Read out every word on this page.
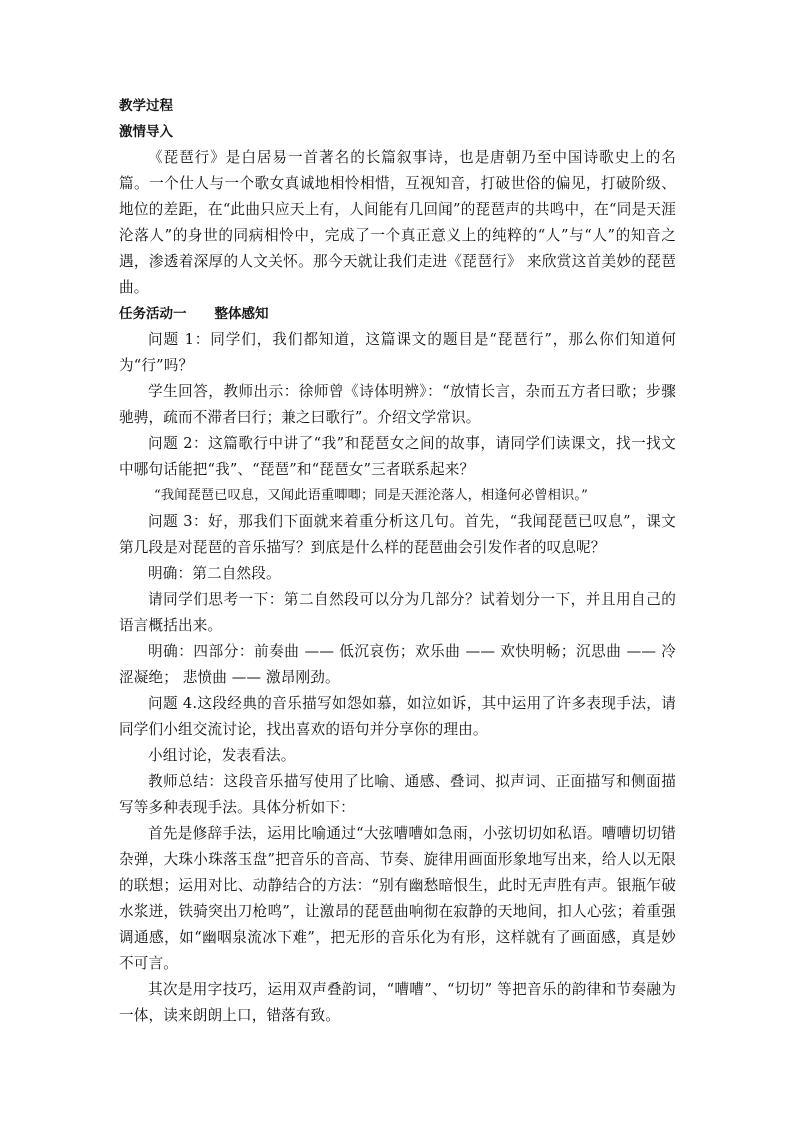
教学过程
激情导入

《琵琶行》是白居易一首著名的长篇叙事诗，也是唐朝乃至中国诗歌史上的名篇。一个仕人与一个歌女真诚地相怜相惜，互视知音，打破世俗的偏见，打破阶级、地位的差距，在“此曲只应天上有，人间能有几回闻”的琵琶声的共鸣中，在“同是天涯沦落人”的身世的同病相怜中，完成了一个真正意义上的纯粹的“人”与“人”的知音之遇，渗透着深厚的人文关怀。那今天就让我们走进《琵琶行》 来欣赏这首美妙的琵琶曲。

任务活动一 整体感知

问题 1：同学们，我们都知道，这篇课文的题目是“琵琶行”，那么你们知道何为“行”吗？

学生回答，教师出示：徐师曾《诗体明辨》：“放情长言，杂而五方者曰歌；步骤驰骋，疏而不滞者曰行；兼之曰歌行”。介绍文学常识。

问题 2：这篇歌行中讲了“我”和琵琶女之间的故事，请同学们读课文，找一找文中哪句话能把“我”、“琵琶”和“琵琶女”三者联系起来？

“我闻琵琶已叹息，又闻此语重唧唧；同是天涯沦落人，相逢何必曾相识。”

问题 3：好，那我们下面就来着重分析这几句。首先，“我闻琵琶已叹息”，课文第几段是对琵琶的音乐描写？到底是什么样的琵琶曲会引发作者的叹息呢？

明确：第二自然段。

请同学们思考一下：第二自然段可以分为几部分？试着划分一下，并且用自己的语言概括出来。

明确：四部分：前奏曲 —— 低沉哀伤；欢乐曲 —— 欢快明畅；沉思曲 —— 冷涩凝绝； 悲愤曲 —— 激昂刚劲。

问题 4.这段经典的音乐描写如怨如慕，如泣如诉，其中运用了许多表现手法，请同学们小组交流讨论，找出喜欢的语句并分享你的理由。

小组讨论，发表看法。

教师总结：这段音乐描写使用了比喻、通感、叠词、拟声词、正面描写和侧面描写等多种表现手法。具体分析如下：

首先是修辞手法，运用比喻通过“大弦嘈嘈如急雨，小弦切切如私语。嘈嘈切切错杂弹，大珠小珠落玉盘”把音乐的音高、节奏、旋律用画面形象地写出来，给人以无限的联想；运用对比、动静结合的方法：“别有幽愁暗恨生，此时无声胜有声。银瓶乍破水浆迸，铁骑突出刀枪鸣”，让激昂的琵琶曲响彻在寂静的天地间，扣人心弦；着重强调通感，如“幽咽泉流冰下难”，把无形的音乐化为有形，这样就有了画面感，真是妙不可言。

其次是用字技巧，运用双声叠韵词，“嘈嘈”、“切切” 等把音乐的韵律和节奏融为一体，读来朗朗上口，错落有致。
